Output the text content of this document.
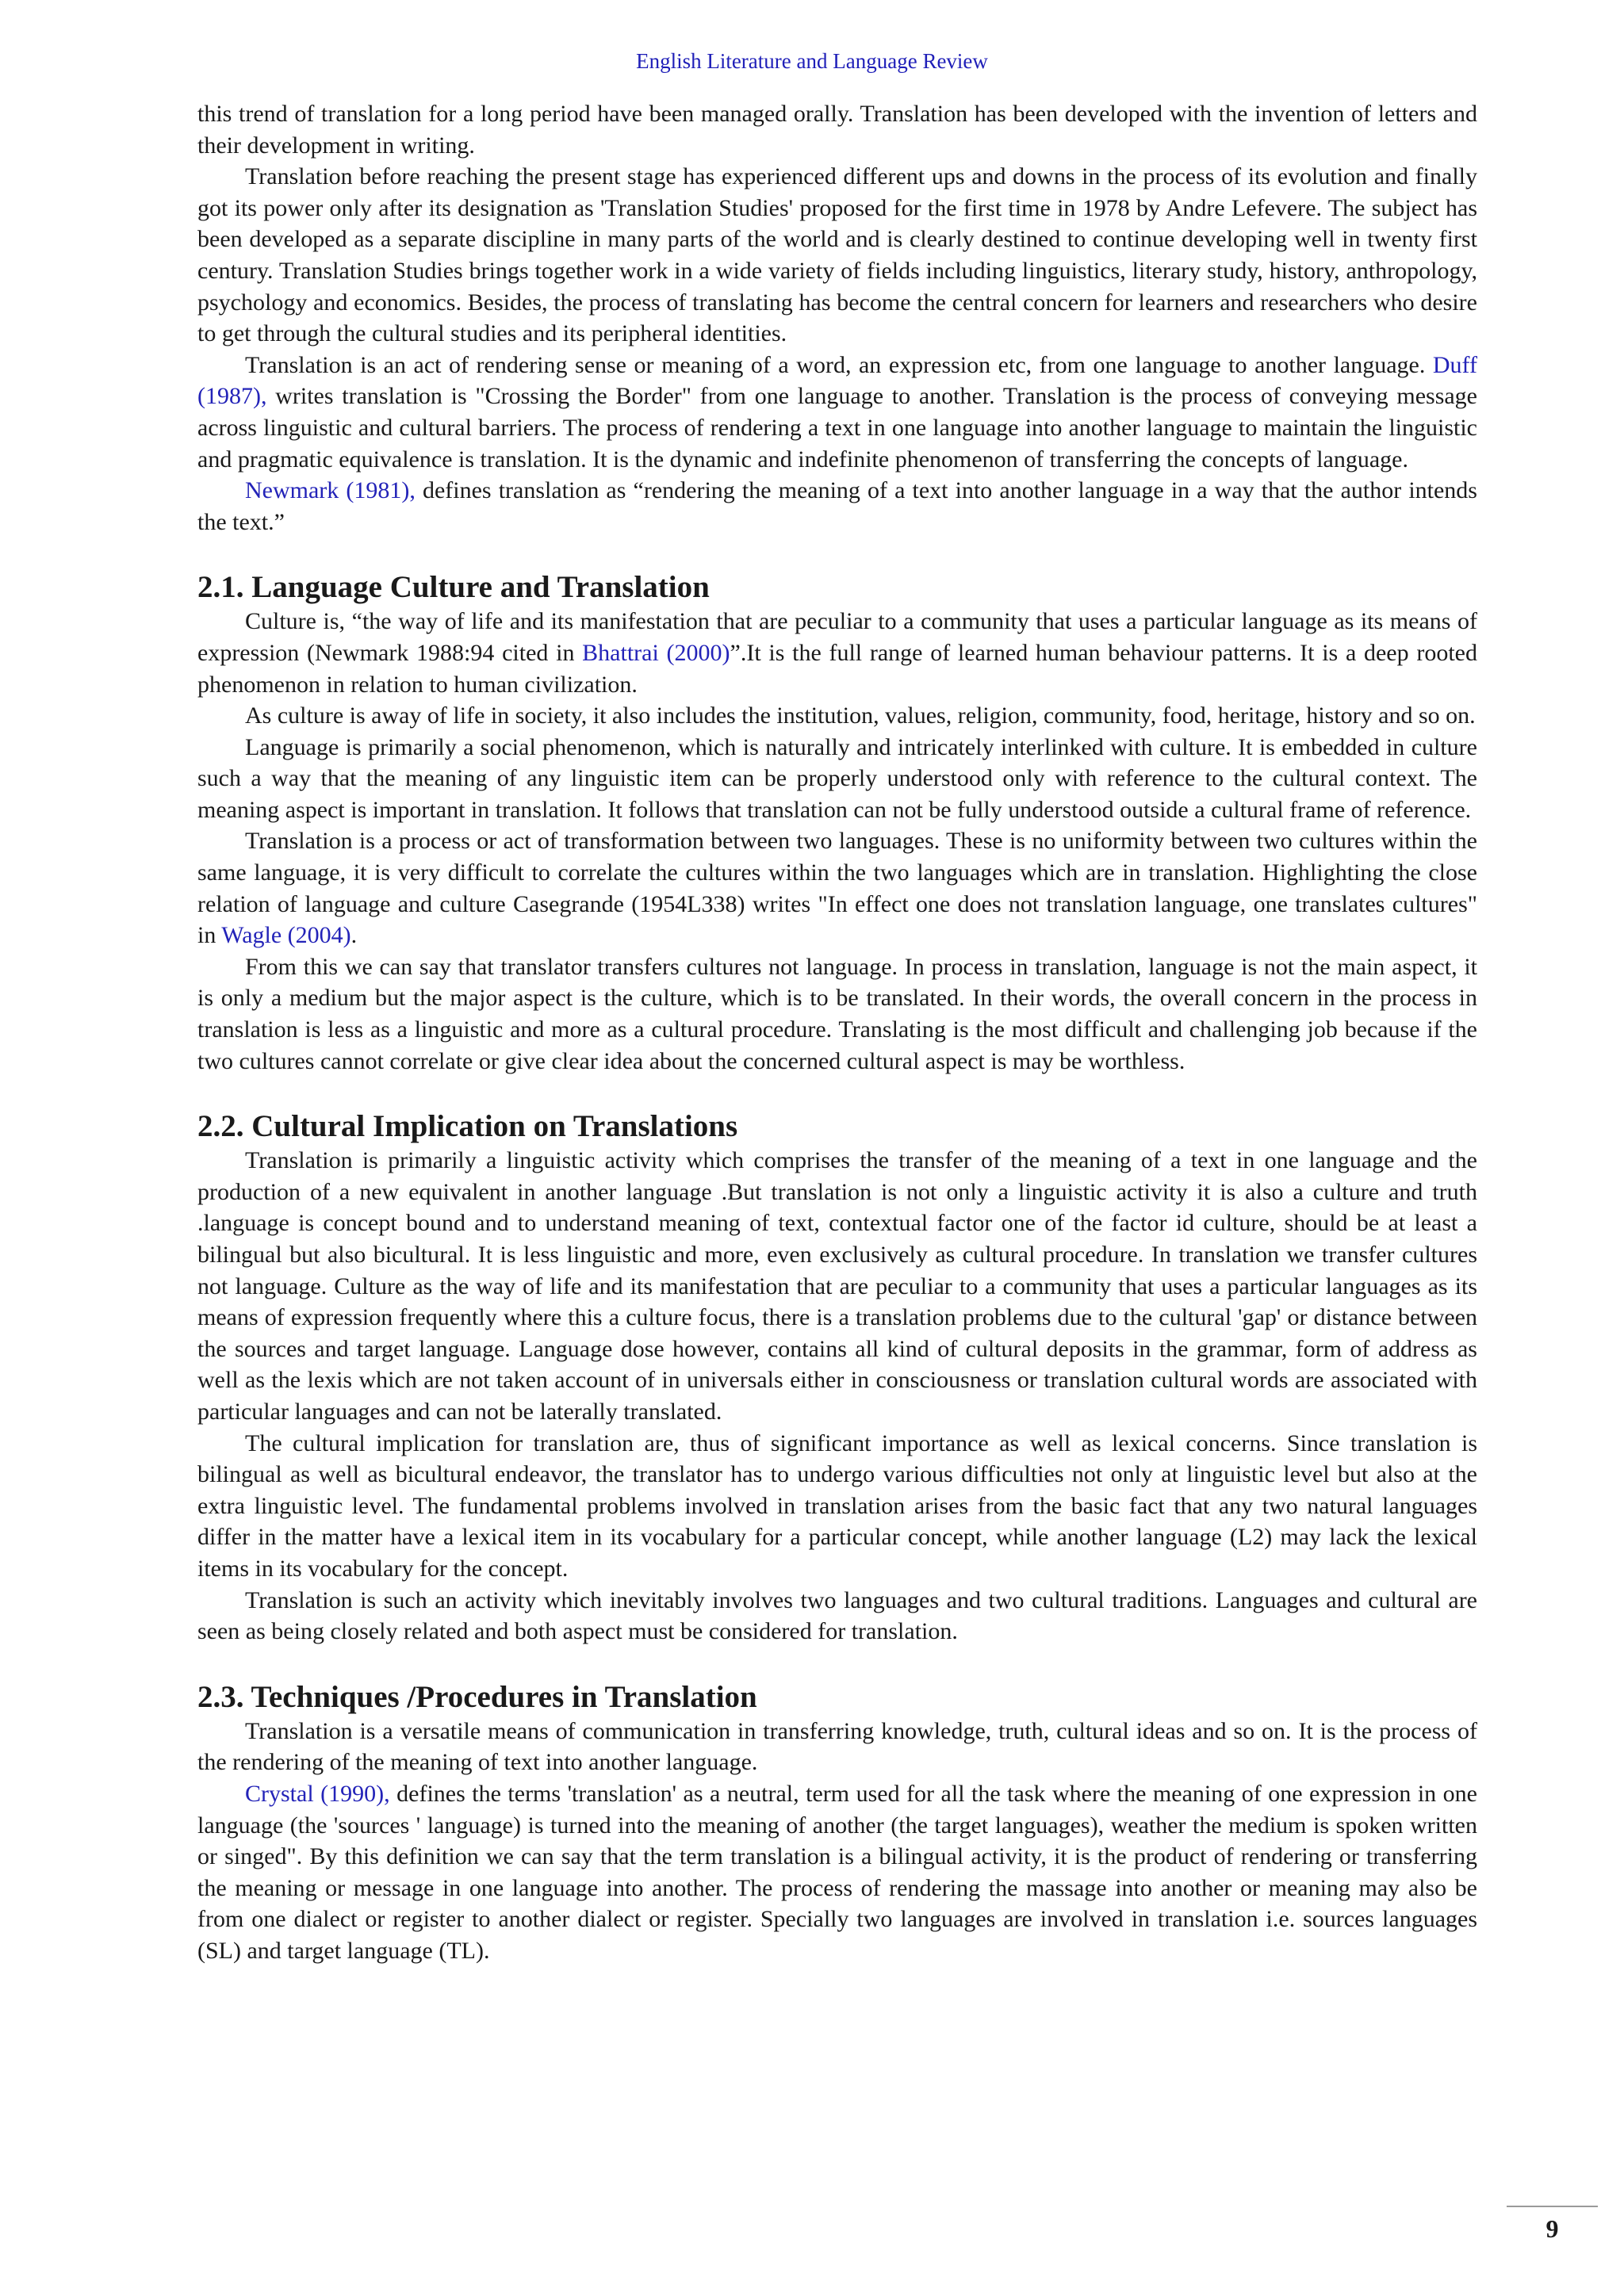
English Literature and Language Review

this trend of translation for a long period have been managed orally. Translation has been developed with the invention of letters and their development in writing.

Translation before reaching the present stage has experienced different ups and downs in the process of its evolution and finally got its power only after its designation as 'Translation Studies' proposed for the first time in 1978 by Andre Lefevere. The subject has been developed as a separate discipline in many parts of the world and is clearly destined to continue developing well in twenty first century. Translation Studies brings together work in a wide variety of fields including linguistics, literary study, history, anthropology, psychology and economics. Besides, the process of translating has become the central concern for learners and researchers who desire to get through the cultural studies and its peripheral identities.

Translation is an act of rendering sense or meaning of a word, an expression etc, from one language to another language. Duff (1987), writes translation is "Crossing the Border" from one language to another. Translation is the process of conveying message across linguistic and cultural barriers. The process of rendering a text in one language into another language to maintain the linguistic and pragmatic equivalence is translation. It is the dynamic and indefinite phenomenon of transferring the concepts of language.

Newmark (1981), defines translation as “rendering the meaning of a text into another language in a way that the author intends the text.”

2.1. Language Culture and Translation

Culture is, “the way of life and its manifestation that are peculiar to a community that uses a particular language as its means of expression (Newmark 1988:94 cited in Bhattrai (2000)”.It is the full range of learned human behaviour patterns. It is a deep rooted phenomenon in relation to human civilization.

As culture is away of life in society, it also includes the institution, values, religion, community, food, heritage, history and so on.

Language is primarily a social phenomenon, which is naturally and intricately interlinked with culture. It is embedded in culture such a way that the meaning of any linguistic item can be properly understood only with reference to the cultural context. The meaning aspect is important in translation. It follows that translation can not be fully understood outside a cultural frame of reference.

Translation is a process or act of transformation between two languages. These is no uniformity between two cultures within the same language, it is very difficult to correlate the cultures within the two languages which are in translation. Highlighting the close relation of language and culture Casegrande (1954L338) writes "In effect one does not translation language, one translates cultures" in Wagle (2004).

From this we can say that translator transfers cultures not language. In process in translation, language is not the main aspect, it is only a medium but the major aspect is the culture, which is to be translated. In their words, the overall concern in the process in translation is less as a linguistic and more as a cultural procedure. Translating is the most difficult and challenging job because if the two cultures cannot correlate or give clear idea about the concerned cultural aspect is may be worthless.

2.2. Cultural Implication on Translations

Translation is primarily a linguistic activity which comprises the transfer of the meaning of a text in one language and the production of a new equivalent in another language .But translation is not only a linguistic activity it is also a culture and truth .language is concept bound and to understand meaning of text, contextual factor one of the factor id culture, should be at least a bilingual but also bicultural. It is less linguistic and more, even exclusively as cultural procedure. In translation we transfer cultures not language. Culture as the way of life and its manifestation that are peculiar to a community that uses a particular languages as its means of expression frequently where this a culture focus, there is a translation problems due to the cultural 'gap' or distance between the sources and target language. Language dose however, contains all kind of cultural deposits in the grammar, form of address as well as the lexis which are not taken account of in universals either in consciousness or translation cultural words are associated with particular languages and can not be laterally translated.

The cultural implication for translation are, thus of significant importance as well as lexical concerns. Since translation is bilingual as well as bicultural endeavor, the translator has to undergo various difficulties not only at linguistic level but also at the extra linguistic level. The fundamental problems involved in translation arises from the basic fact that any two natural languages differ in the matter have a lexical item in its vocabulary for a particular concept, while another language (L2) may lack the lexical items in its vocabulary for the concept.

Translation is such an activity which inevitably involves two languages and two cultural traditions. Languages and cultural are seen as being closely related and both aspect must be considered for translation.

2.3. Techniques /Procedures in Translation

Translation is a versatile means of communication in transferring knowledge, truth, cultural ideas and so on. It is the process of the rendering of the meaning of text into another language.

Crystal (1990), defines the terms 'translation' as a neutral, term used for all the task where the meaning of one expression in one language (the 'sources ' language) is turned into the meaning of another (the target languages), weather the medium is spoken written or singed". By this definition we can say that the term translation is a bilingual activity, it is the product of rendering or transferring the meaning or message in one language into another. The process of rendering the massage into another or meaning may also be from one dialect or register to another dialect or register. Specially two languages are involved in translation i.e. sources languages (SL) and target language (TL).

9
